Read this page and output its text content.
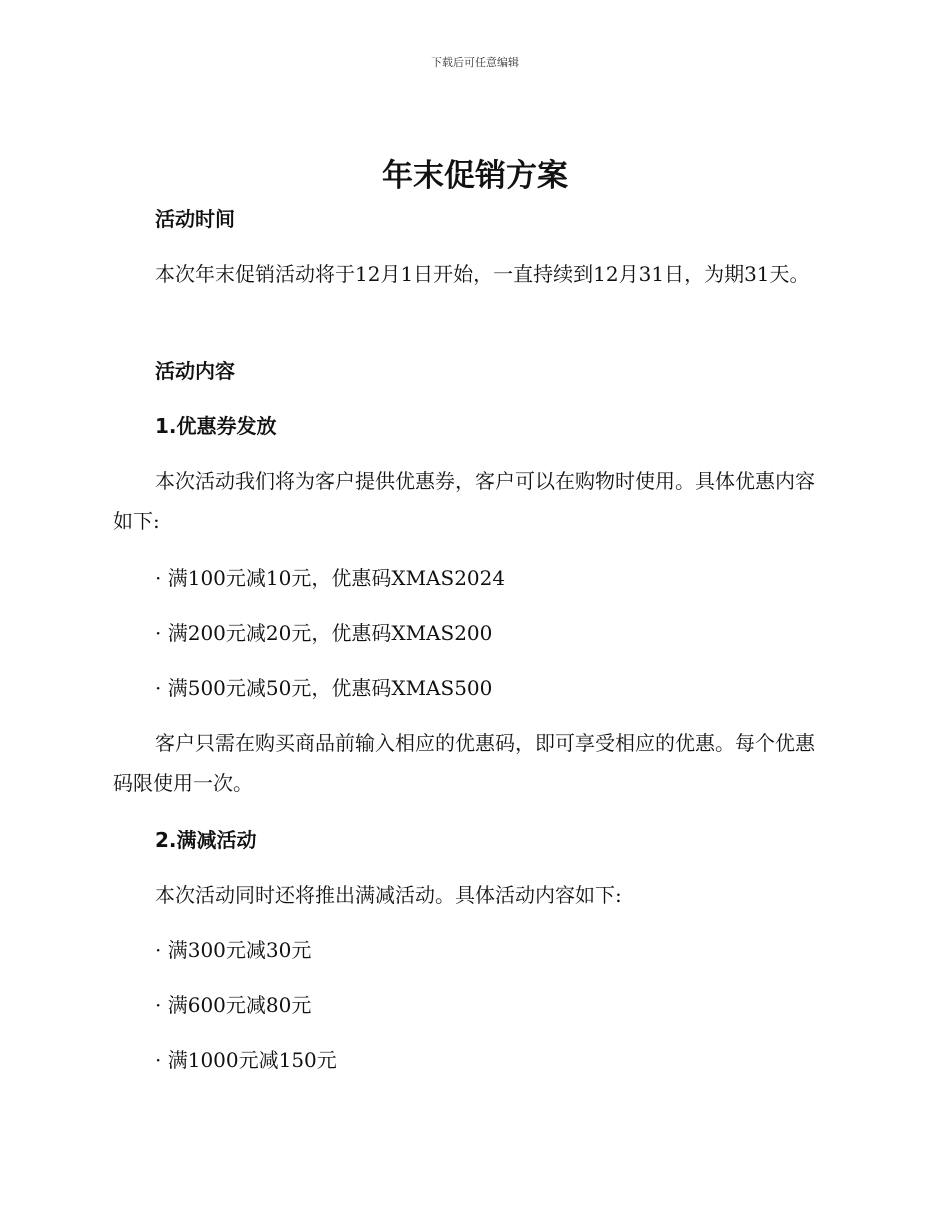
下载后可任意编辑
年末促销方案

活动时间

本次年末促销活动将于12月1日开始，一直持续到12月31日，为期31天。

活动内容

1.优惠券发放

本次活动我们将为客户提供优惠券，客户可以在购物时使用。具体优惠内容如下:

· 满100元减10元，优惠码XMAS2024

· 满200元减20元，优惠码XMAS200

· 满500元减50元，优惠码XMAS500

客户只需在购买商品前输入相应的优惠码，即可享受相应的优惠。每个优惠码限使用一次。

2.满减活动

本次活动同时还将推出满减活动。具体活动内容如下:

· 满300元减30元

· 满600元减80元

· 满1000元减150元
